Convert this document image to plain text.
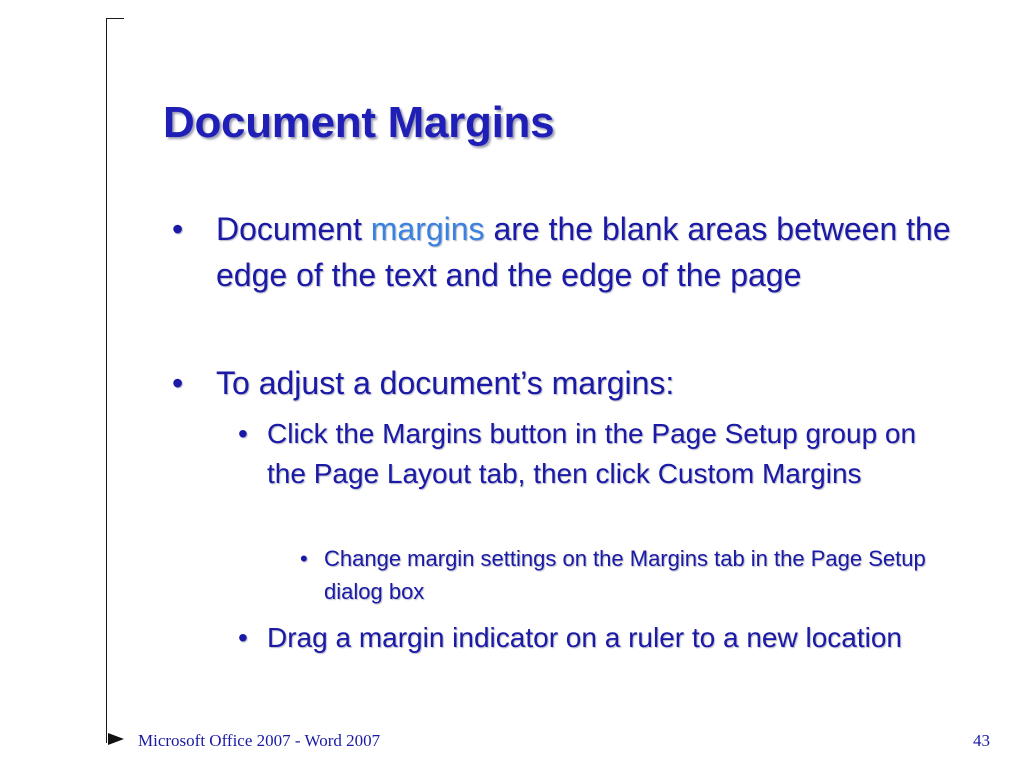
Document Margins
• Document margins are the blank areas between the edge of the text and the edge of the page
• To adjust a document’s margins:
• Click the Margins button in the Page Setup group on the Page Layout tab, then click Custom Margins
• Change margin settings on the Margins tab in the Page Setup dialog box
• Drag a margin indicator on a ruler to a new location
Microsoft Office 2007 - Word 2007	43
